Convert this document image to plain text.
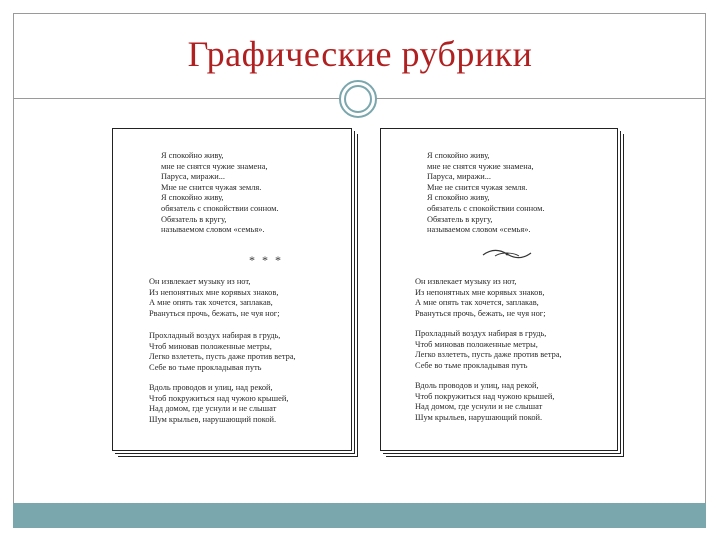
Графические рубрики
Я спокойно живу,
мне не снятся чужие знамена,
Паруса, миражи...
Мне не снится чужая земля.
Я спокойно живу,
обязатель с спокойствии сонном.
Обязатель в кругу,
называемом словом «семья».
* * *
Он извлекает музыку из нот,
Из непонятных мне корявых знаков,
А мне опять так хочется, заплакав,
Рвануться прочь, бежать, не чуя ног;
Прохладный воздух набирая в грудь,
Чтоб миновав положенные метры,
Легко взлететь, пусть даже против ветра,
Себе во тьме прокладывая путь
Вдоль проводов и улиц, над рекой,
Чтоб покружиться над чужою крышей,
Над домом, где уснули и не слышат
Шум крыльев, нарушающий покой.
Я спокойно живу,
мне не снятся чужие знамена,
Паруса, миражи...
Мне не снится чужая земля.
Я спокойно живу,
обязатель с спокойствии сонном.
Обязатель в кругу,
называемом словом «семья».
Он извлекает музыку из нот,
Из непонятных мне корявых знаков,
А мне опять так хочется, заплакав,
Рвануться прочь, бежать, не чуя ног;
Прохладный воздух набирая в грудь,
Чтоб миновав положенные метры,
Легко взлететь, пусть даже против ветра,
Себе во тьме прокладывая путь
Вдоль проводов и улиц, над рекой,
Чтоб покружиться над чужою крышей,
Над домом, где уснули и не слышат
Шум крыльев, нарушающий покой.
